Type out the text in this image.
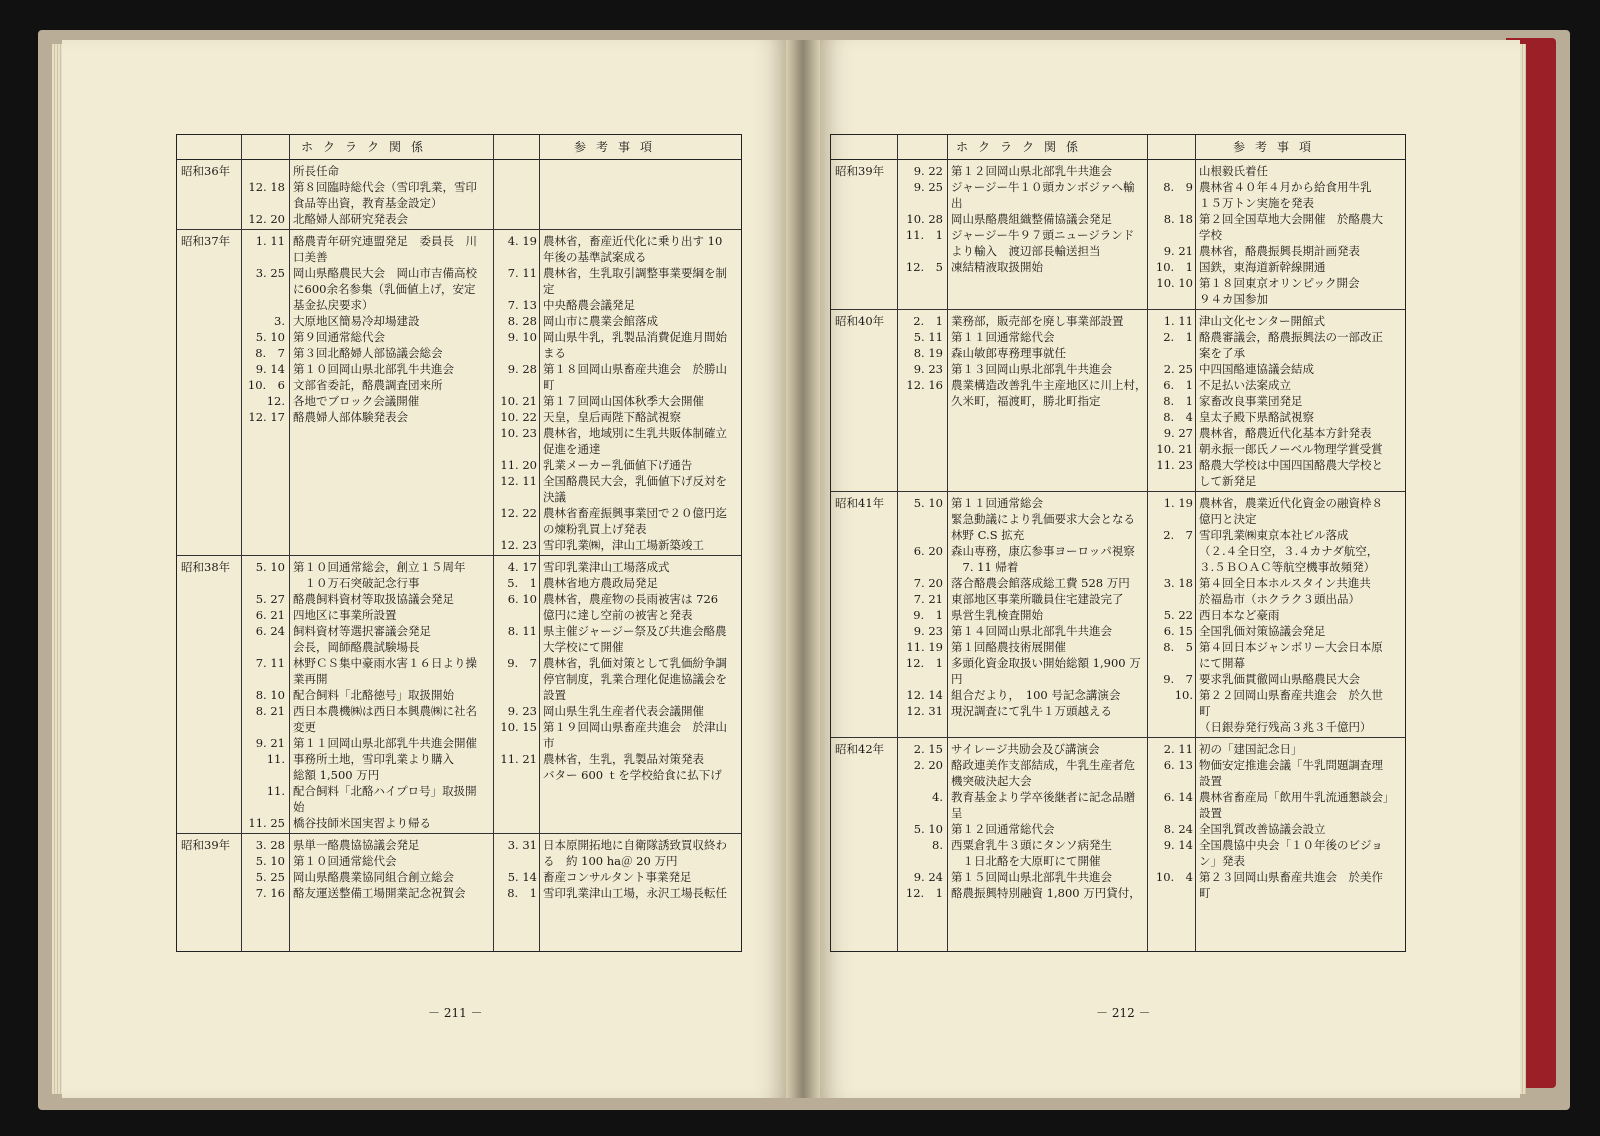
ホクラク関係	参考事項
昭和36年	所長任命
12. 18 第８回臨時総代会（雪印乳業，雪印
食品等出資，教育基金設定）
12. 20 北酪婦人部研究発表会
昭和37年	1. 11 酪農青年研究連盟発足　委員長　川	4. 19 農林省，畜産近代化に乗り出す 10
口美善	年後の基準試案成る
3. 25 岡山県酪農民大会　岡山市吉備高校	7. 11 農林省，生乳取引調整事業要綱を制
に600余名参集（乳価値上げ，安定	定
基金払戻要求）	7. 13 中央酪農会議発足
3. 大原地区簡易冷却場建設	8. 28 岡山市に農業会館落成
5. 10 第９回通常総代会	9. 10 岡山県牛乳，乳製品消費促進月間始
8.　7 第３回北酪婦人部協議会総会	まる
9. 14 第１０回岡山県北部乳牛共進会	9. 28 第１８回岡山県畜産共進会　於勝山
10.　6 文部省委託，酪農調査団来所	町
12. 各地でブロック会議開催	10. 21 第１７回岡山国体秋季大会開催
12. 17 酪農婦人部体験発表会	10. 22 天皇，皇后両陛下酪試視察
10. 23 農林省，地域別に生乳共販体制確立
促進を通達
11. 20 乳業メーカー乳価値下げ通告
12. 11 全国酪農民大会，乳価値下げ反対を
決議
12. 22 農林省畜産振興事業団で２０億円迄
の煉粉乳買上げ発表
12. 23 雪印乳業㈱，津山工場新築竣工
昭和38年	5. 10 第１０回通常総会，創立１５周年	4. 17 雪印乳業津山工場落成式
　１０万石突破記念行事	5.　1 農林省地方農政局発足
5. 27 酪農飼料資材等取扱協議会発足	6. 10 農林省，農産物の長雨被害は 726
6. 21 四地区に事業所設置	億円に達し空前の被害と発表
6. 24 飼料資材等選択審議会発足	8. 11 県主催ジャージー祭及び共進会酪農
会長，岡師酪農試験場長	大学校にて開催
7. 11 林野ＣＳ集中豪雨水害１６日より操	9.　7 農林省，乳価対策として乳価紛争調
業再開	停官制度，乳業合理化促進協議会を
8. 10 配合飼料「北酪徳号」取扱開始	設置
8. 21 西日本農機㈱は西日本興農㈱に社名	9. 23 岡山県生乳生産者代表会議開催
変更	10. 15 第１９回岡山県畜産共進会　於津山
9. 21 第１１回岡山県北部乳牛共進会開催	市
11. 事務所土地，雪印乳業より購入	11. 21 農林省，生乳，乳製品対策発表
総額 1,500 万円	バター 600 ｔを学校給食に払下げ
11. 配合飼料「北酪ハイプロ号」取扱開
始
11. 25 橋谷技師米国実習より帰る
昭和39年	3. 28 県単一酪農協協議会発足	3. 31 日本原開拓地に自衛隊誘致買収終わ
5. 10 第１０回通常総代会	る　約 100 ha＠ 20 万円
5. 25 岡山県酪農業協同組合創立総会	5. 14 畜産コンサルタント事業発足
7. 16 酪友運送整備工場開業記念祝賀会	8.　1 雪印乳業津山工場，永沢工場長転任
－ 211 －
ホクラク関係	参考事項
昭和39年	9. 22 第１２回岡山県北部乳牛共進会	山根毅氏着任
9. 25 ジャージー牛１０頭カンボジァへ輸	8.　9 農林省４０年４月から給食用牛乳
出	１５万トン実施を発表
10. 28 岡山県酪農組織整備協議会発足	8. 18 第２回全国草地大会開催　於酪農大
11.　1 ジャージー牛９７頭ニュージランド	学校
より輸入　渡辺部長輸送担当	9. 21 農林省，酪農振興長期計画発表
12.　5 凍結精液取扱開始	10.　1 国鉄，東海道新幹線開通
10. 10 第１８回東京オリンピック開会
９４カ国参加
昭和40年	2.　1 業務部，販売部を廃し事業部設置	1. 11 津山文化センター開館式
5. 11 第１１回通常総代会	2.　1 酪農審議会，酪農振興法の一部改正
8. 19 森山敏郎専務理事就任	案を了承
9. 23 第１３回岡山県北部乳牛共進会	2. 25 中四国酪連協議会結成
12. 16 農業構造改善乳牛主産地区に川上村，	6.　1 不足払い法案成立
久米町，福渡町，勝北町指定	8.　1 家畜改良事業団発足
8.　4 皇太子殿下県酪試視察
9. 27 農林省，酪農近代化基本方針発表
10. 21 朝永振一郎氏ノーベル物理学賞受賞
11. 23 酪農大学校は中国四国酪農大学校と
して新発足
昭和41年	5. 10 第１１回通常総会	1. 19 農林省，農業近代化資金の融資枠８
緊急動議により乳価要求大会となる	億円と決定
林野 C.S 拡充	2.　7 雪印乳業㈱東京本社ビル落成
6. 20 森山専務，康広参事ヨーロッパ視察	（２.４全日空，３.４カナダ航空，
　7. 11 帰着	３.５ＢＯＡＣ等航空機事故頻発）
7. 20 落合酪農会館落成総工費 528 万円	3. 18 第４回全日本ホルスタイン共進共
7. 21 東部地区事業所職員住宅建設完了	於福島市（ホクラク３頭出品）
9.　1 県営生乳検査開始	5. 22 西日本など豪雨
9. 23 第１４回岡山県北部乳牛共進会	6. 15 全国乳価対策協議会発足
11. 19 第１回酪農技術展開催	8.　5 第４回日本ジャンボリー大会日本原
12.　1 多頭化資金取扱い開始総額 1,900 万	にて開幕
円	9.　7 要求乳価貫徹岡山県酪農民大会
12. 14 組合だより，　100 号記念講演会	10. 第２２回岡山県畜産共進会　於久世
12. 31 現況調査にて乳牛１万頭越える	町
（日銀券発行残高３兆３千億円）
昭和42年	2. 15 サイレージ共励会及び講演会	2. 11 初の「建国記念日」
2. 20 酪政連美作支部結成，牛乳生産者危	6. 13 物価安定推進会議「牛乳問題調査理
機突破決起大会	設置
4. 教育基金より学卒後継者に記念品贈	6. 14 農林省畜産局「飲用牛乳流通懇談会」
呈	設置
5. 10 第１２回通常総代会	8. 24 全国乳質改善協議会設立
8. 西粟倉乳牛３頭にタンソ病発生	9. 14 全国農協中央会「１０年後のビジョ
　１日北酪を大原町にて開催	ン」発表
9. 24 第１５回岡山県北部乳牛共進会	10.　4 第２３回岡山県畜産共進会　於美作
12.　1 酪農振興特別融資 1,800 万円貸付，	町
－ 212 －
